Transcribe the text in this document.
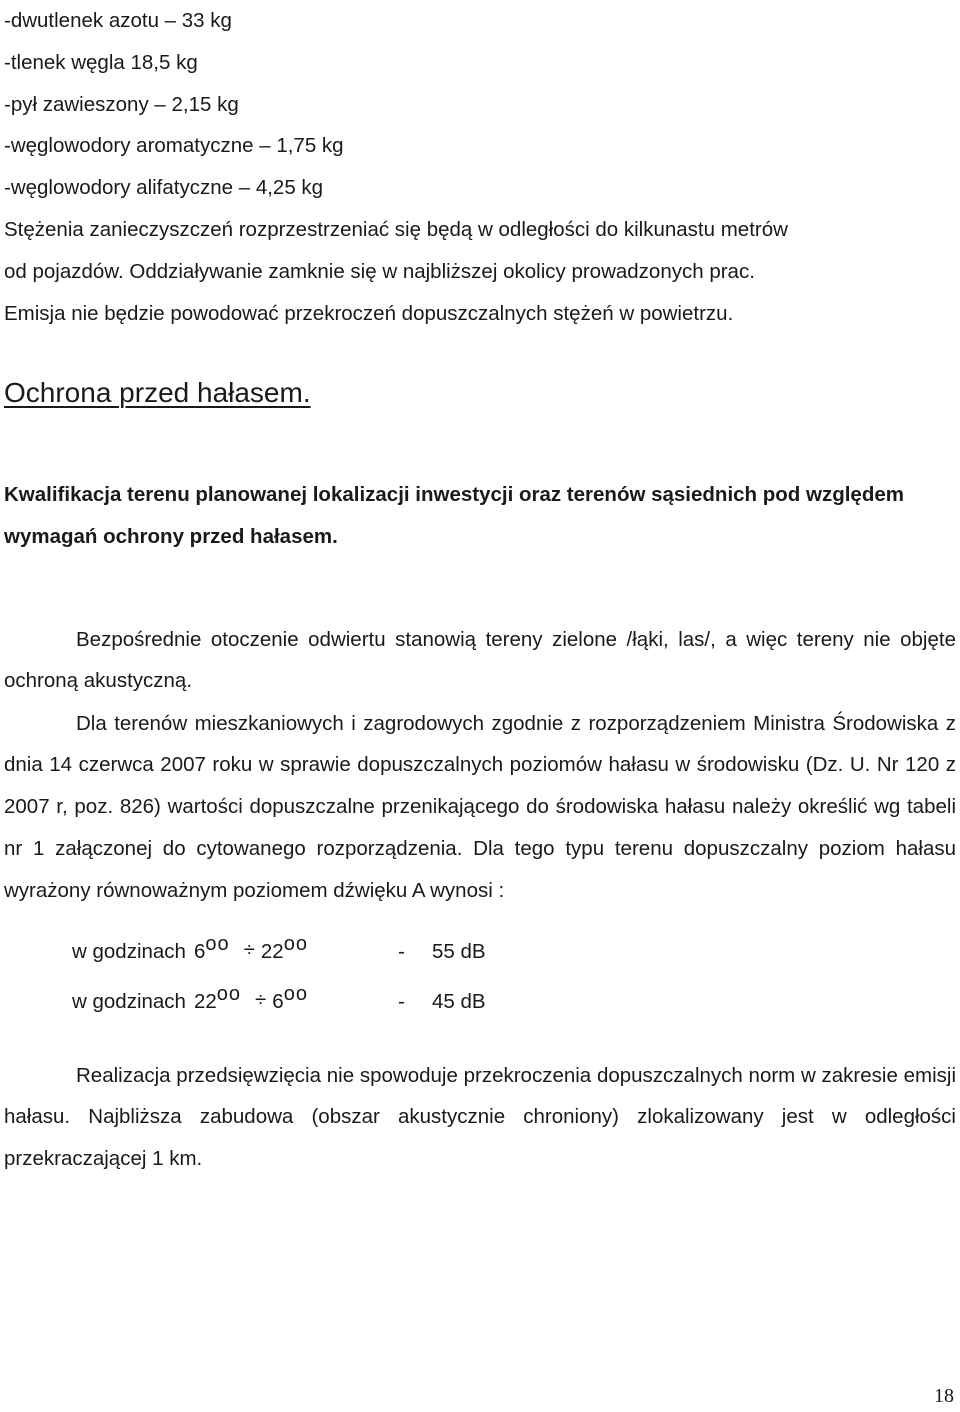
-dwutlenek azotu – 33 kg

-tlenek węgla 18,5 kg

-pył zawieszony – 2,15 kg

-węglowodory aromatyczne – 1,75 kg

-węglowodory alifatyczne – 4,25 kg

Stężenia zanieczyszczeń rozprzestrzeniać się będą w odległości do kilkunastu metrów

od pojazdów. Oddziaływanie zamknie się w najbliższej okolicy prowadzonych prac.

Emisja nie będzie powodować przekroczeń dopuszczalnych stężeń w powietrzu.

Ochrona przed hałasem.

Kwalifikacja terenu planowanej lokalizacji inwestycji oraz terenów sąsiednich pod względem wymagań ochrony przed hałasem.

Bezpośrednie otoczenie odwiertu stanowią tereny zielone /łąki, las/, a więc tereny nie objęte ochroną akustyczną.

Dla terenów mieszkaniowych i zagrodowych zgodnie z rozporządzeniem Ministra Środowiska z dnia 14 czerwca 2007 roku w sprawie dopuszczalnych poziomów hałasu w środowisku (Dz. U. Nr 120 z 2007 r, poz. 826) wartości dopuszczalne przenikającego do środowiska hałasu należy określić wg tabeli nr 1 załączonej do cytowanego rozporządzenia. Dla tego typu terenu dopuszczalny poziom hałasu wyrażony równoważnym poziomem dźwięku A wynosi :

w godzinach 6oo ÷ 22oo	- 55 dB
w godzinach 22oo ÷ 6oo	- 45 dB

Realizacja przedsięwzięcia nie spowoduje przekroczenia dopuszczalnych norm w zakresie emisji hałasu. Najbliższa zabudowa (obszar akustycznie chroniony) zlokalizowany jest w odległości przekraczającej 1 km.

18
